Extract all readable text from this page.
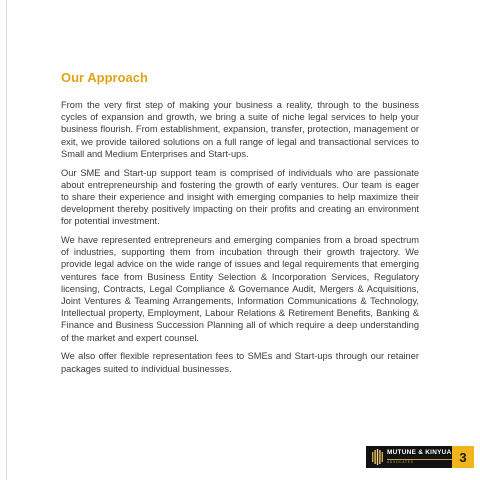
Our Approach

From the very first step of making your business a reality, through to the business cycles of expansion and growth, we bring a suite of niche legal services to help your business flourish. From establishment, expansion, transfer, protection, management or exit, we provide tailored solutions on a full range of legal and transactional services to Small and Medium Enterprises and Start-ups.

Our SME and Start-up support team is comprised of individuals who are passionate about entrepreneurship and fostering the growth of early ventures. Our team is eager to share their experience and insight with emerging companies to help maximize their development thereby positively impacting on their profits and creating an environment for potential investment.

We have represented entrepreneurs and emerging companies from a broad spectrum of industries, supporting them from incubation through their growth trajectory. We provide legal advice on the wide range of issues and legal requirements that emerging ventures face from Business Entity Selection & Incorporation Services, Regulatory licensing, Contracts, Legal Compliance & Governance Audit, Mergers & Acquisitions, Joint Ventures & Teaming Arrangements, Information Communications & Technology, Intellectual property, Employment, Labour Relations & Retirement Benefits, Banking & Finance and Business Succession Planning all of which require a deep understanding of the market and expert counsel.

We also offer flexible representation fees to SMEs and Start-ups through our retainer packages suited to individual businesses.

MUTUNE & KINYUA
ADVOCATES	3
